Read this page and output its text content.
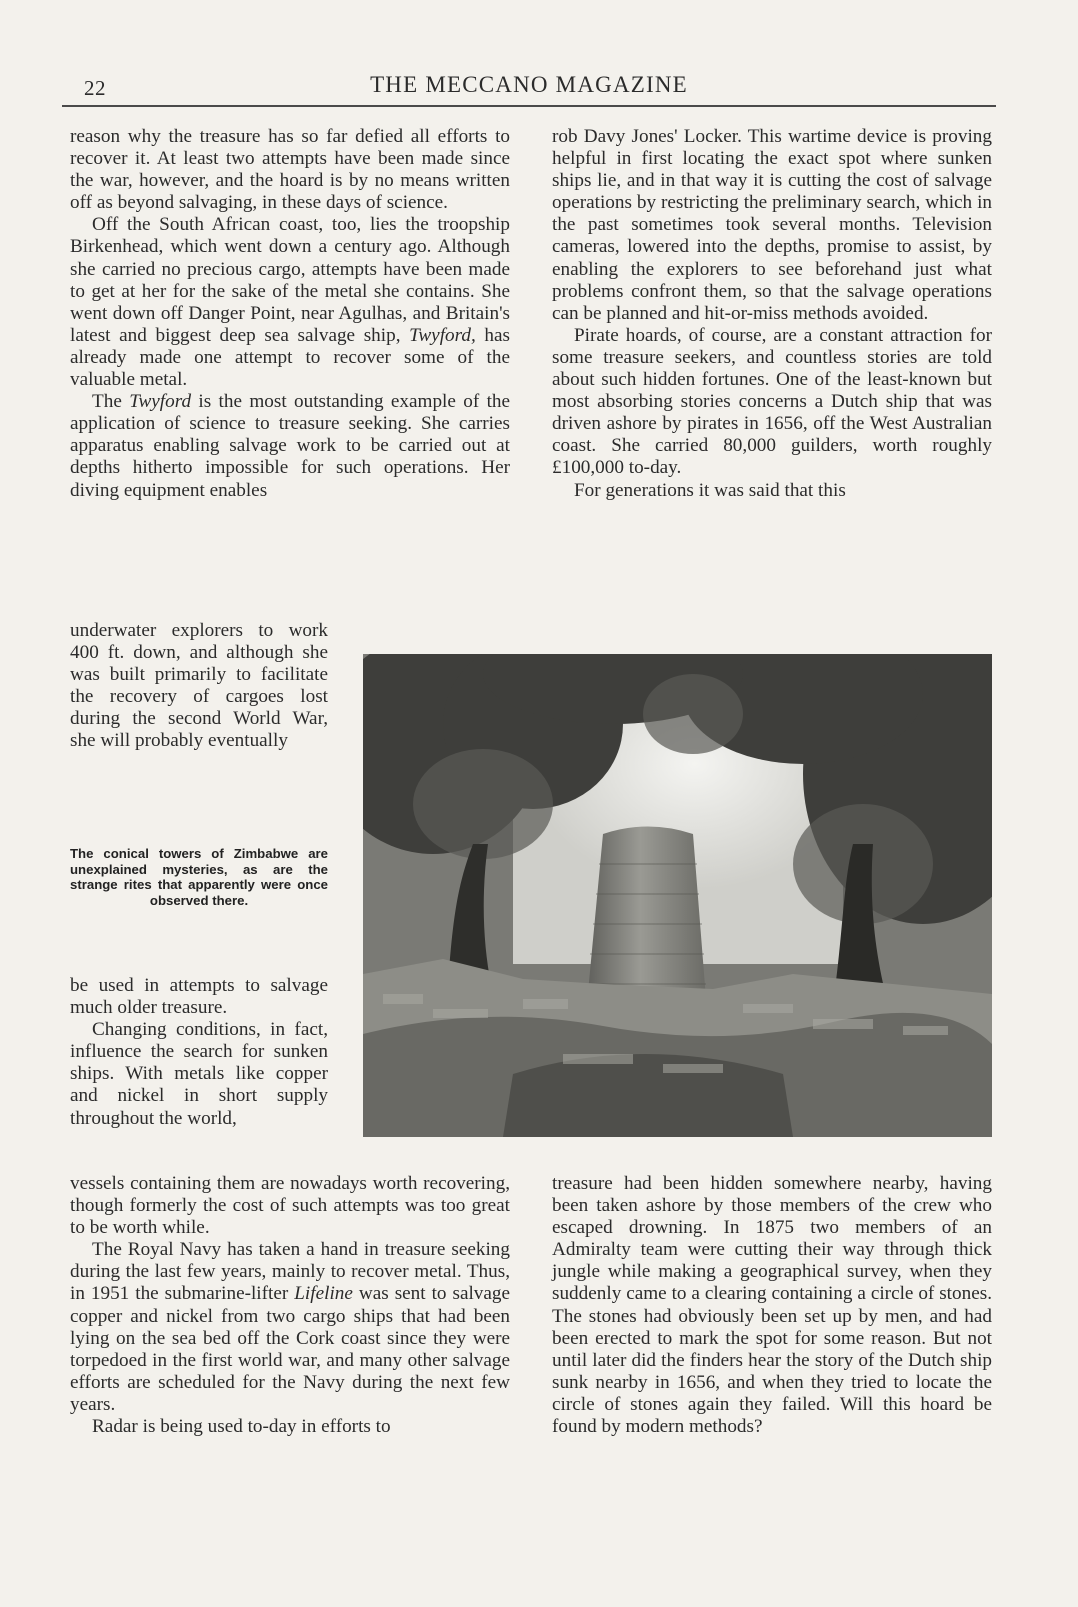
22	THE MECCANO MAGAZINE

reason why the treasure has so far defied all efforts to recover it. At least two attempts have been made since the war, however, and the hoard is by no means written off as beyond salvaging, in these days of science.

Off the South African coast, too, lies the troopship Birkenhead, which went down a century ago. Although she carried no precious cargo, attempts have been made to get at her for the sake of the metal she contains. She went down off Danger Point, near Agulhas, and Britain's latest and biggest deep sea salvage ship, Twyford, has already made one attempt to recover some of the valuable metal.

The Twyford is the most outstanding example of the application of science to treasure seeking. She carries apparatus enabling salvage work to be carried out at depths hitherto impossible for such operations. Her diving equipment enables

underwater explorers to work 400 ft. down, and although she was built primarily to facilitate the recovery of cargoes lost during the second World War, she will probably eventually

The conical towers of Zimbabwe are unexplained mysteries, as are the strange rites that apparently were once observed there.

be used in attempts to salvage much older treasure.

Changing conditions, in fact, influence the search for sunken ships. With metals like copper and nickel in short supply throughout the world,

vessels containing them are nowadays worth recovering, though formerly the cost of such attempts was too great to be worth while.

The Royal Navy has taken a hand in treasure seeking during the last few years, mainly to recover metal. Thus, in 1951 the submarine-lifter Lifeline was sent to salvage copper and nickel from two cargo ships that had been lying on the sea bed off the Cork coast since they were torpedoed in the first world war, and many other salvage efforts are scheduled for the Navy during the next few years.

Radar is being used to-day in efforts to

rob Davy Jones' Locker. This wartime device is proving helpful in first locating the exact spot where sunken ships lie, and in that way it is cutting the cost of salvage operations by restricting the preliminary search, which in the past sometimes took several months. Television cameras, lowered into the depths, promise to assist, by enabling the explorers to see beforehand just what problems confront them, so that the salvage operations can be planned and hit-or-miss methods avoided.

Pirate hoards, of course, are a constant attraction for some treasure seekers, and countless stories are told about such hidden fortunes. One of the least-known but most absorbing stories concerns a Dutch ship that was driven ashore by pirates in 1656, off the West Australian coast. She carried 80,000 guilders, worth roughly £100,000 to-day.

For generations it was said that this

treasure had been hidden somewhere nearby, having been taken ashore by those members of the crew who escaped drowning. In 1875 two members of an Admiralty team were cutting their way through thick jungle while making a geographical survey, when they suddenly came to a clearing containing a circle of stones. The stones had obviously been set up by men, and had been erected to mark the spot for some reason. But not until later did the finders hear the story of the Dutch ship sunk nearby in 1656, and when they tried to locate the circle of stones again they failed. Will this hoard be found by modern methods?
